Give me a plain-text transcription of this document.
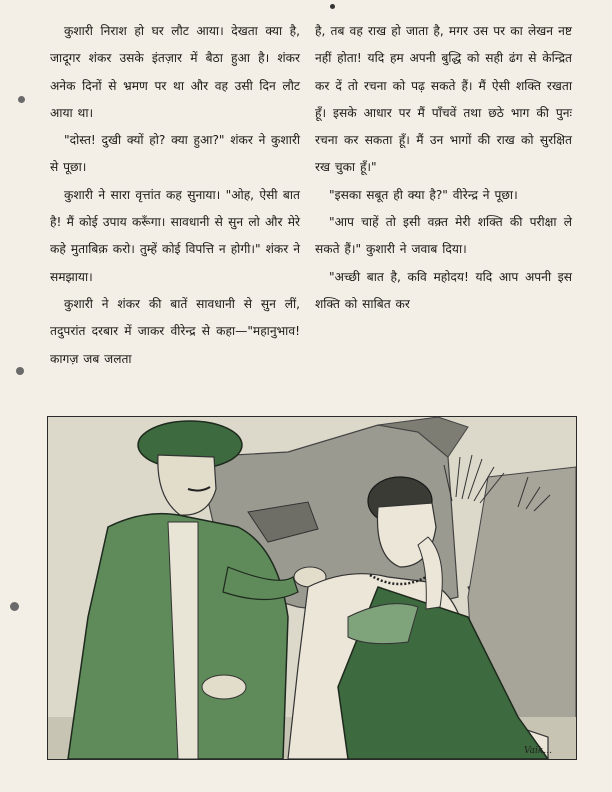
कुशारी निराश हो घर लौट आया। देखता क्या है, जादूगर शंकर उसके इंतज़ार में बैठा हुआ है। शंकर अनेक दिनों से भ्रमण पर था और वह उसी दिन लौट आया था।

"दोस्त! दुखी क्यों हो? क्या हुआ?" शंकर ने कुशारी से पूछा।

कुशारी ने सारा वृत्तांत कह सुनाया। "ओह, ऐसी बात है! मैं कोई उपाय करूँगा। सावधानी से सुन लो और मेरे कहे मुताबिक़ करो। तुम्हें कोई विपत्ति न होगी।" शंकर ने समझाया।

कुशारी ने शंकर की बातें सावधानी से सुन लीं, तदुपरांत दरबार में जाकर वीरेन्द्र से कहा—"महानुभाव! कागज़ जब जलता

है, तब वह राख हो जाता है, मगर उस पर का लेखन नष्ट नहीं होता! यदि हम अपनी बुद्धि को सही ढंग से केन्द्रित कर दें तो रचना को पढ़ सकते हैं। मैं ऐसी शक्ति रखता हूँ। इसके आधार पर मैं पाँचवें तथा छठे भाग की पुनः रचना कर सकता हूँ। मैं उन भागों की राख को सुरक्षित रख चुका हूँ।"

"इसका सबूत ही क्या है?" वीरेन्द्र ने पूछा।

"आप चाहें तो इसी वक़्त मेरी शक्ति की परीक्षा ले सकते हैं।" कुशारी ने जवाब दिया।

"अच्छी बात है, कवि महोदय! यदि आप अपनी इस शक्ति को साबित कर

Vaik...
